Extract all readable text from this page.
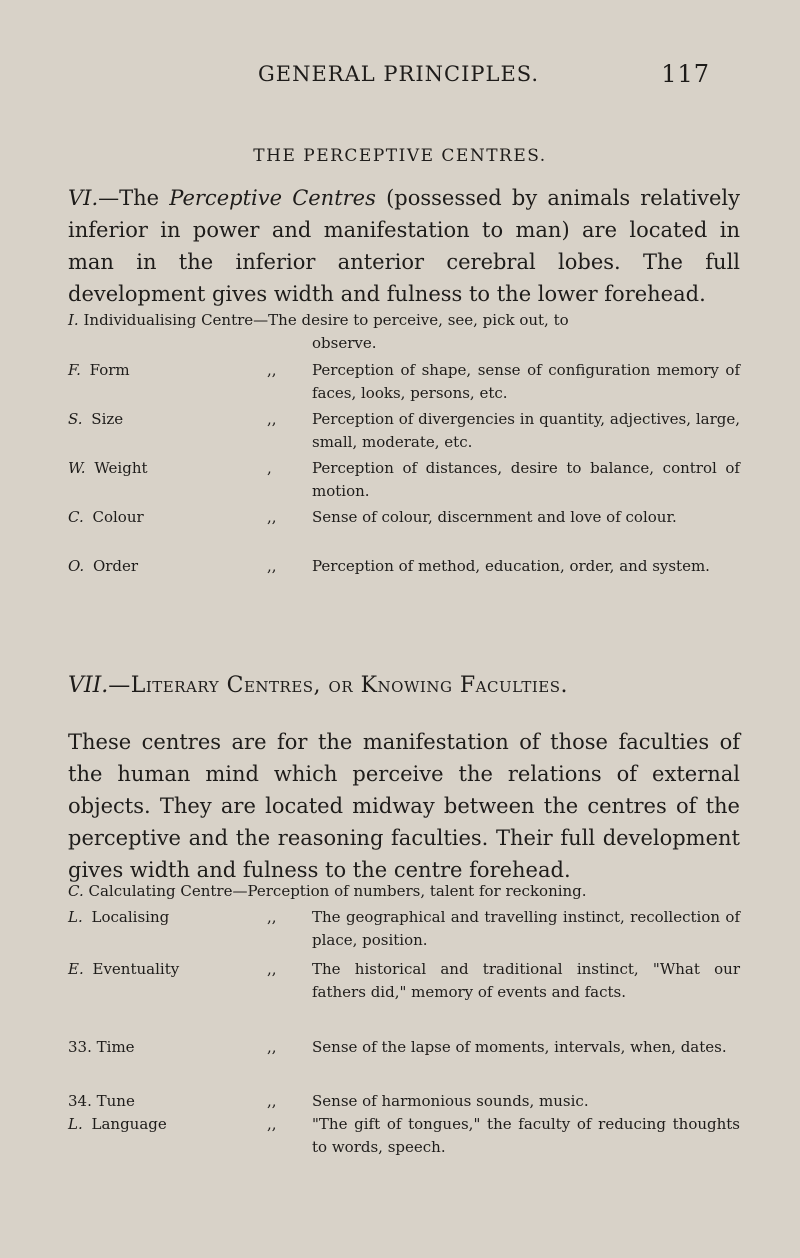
GENERAL PRINCIPLES.	117
THE PERCEPTIVE CENTRES.
VI.—The Perceptive Centres (possessed by animals relatively inferior in power and manifestation to man) are located in man in the inferior anterior cerebral lobes. The full development gives width and fulness to the lower forehead.
I. Individualising Centre—The desire to perceive, see, pick out, to
observe.
F. Form	,, Perception of shape, sense of configuration memory of faces, looks, persons, etc.
S. Size	,, Perception of divergencies in quantity, adjectives, large, small, moderate, etc.
W. Weight	,	Perception of distances, desire to balance, control of motion.
C. Colour	,, Sense of colour, discernment and love of colour.
O. Order	,, Perception of method, education, order, and system.
VII.—Literary Centres, or Knowing Faculties.
These centres are for the manifestation of those faculties of the human mind which perceive the relations of external objects. They are located midway between the centres of the perceptive and the reasoning faculties. Their full development gives width and fulness to the centre forehead.
C. Calculating Centre—Perception of numbers, talent for reckoning.
L. Localising	,, The geographical and travelling instinct, recollection of place, position.
E. Eventuality	,, The historical and traditional instinct, "What our fathers did," memory of events and facts.
33. Time	,, Sense of the lapse of moments, intervals, when, dates.
34. Tune	,, Sense of harmonious sounds, music.
L. Language	,, "The gift of tongues," the faculty of reducing thoughts to words, speech.
